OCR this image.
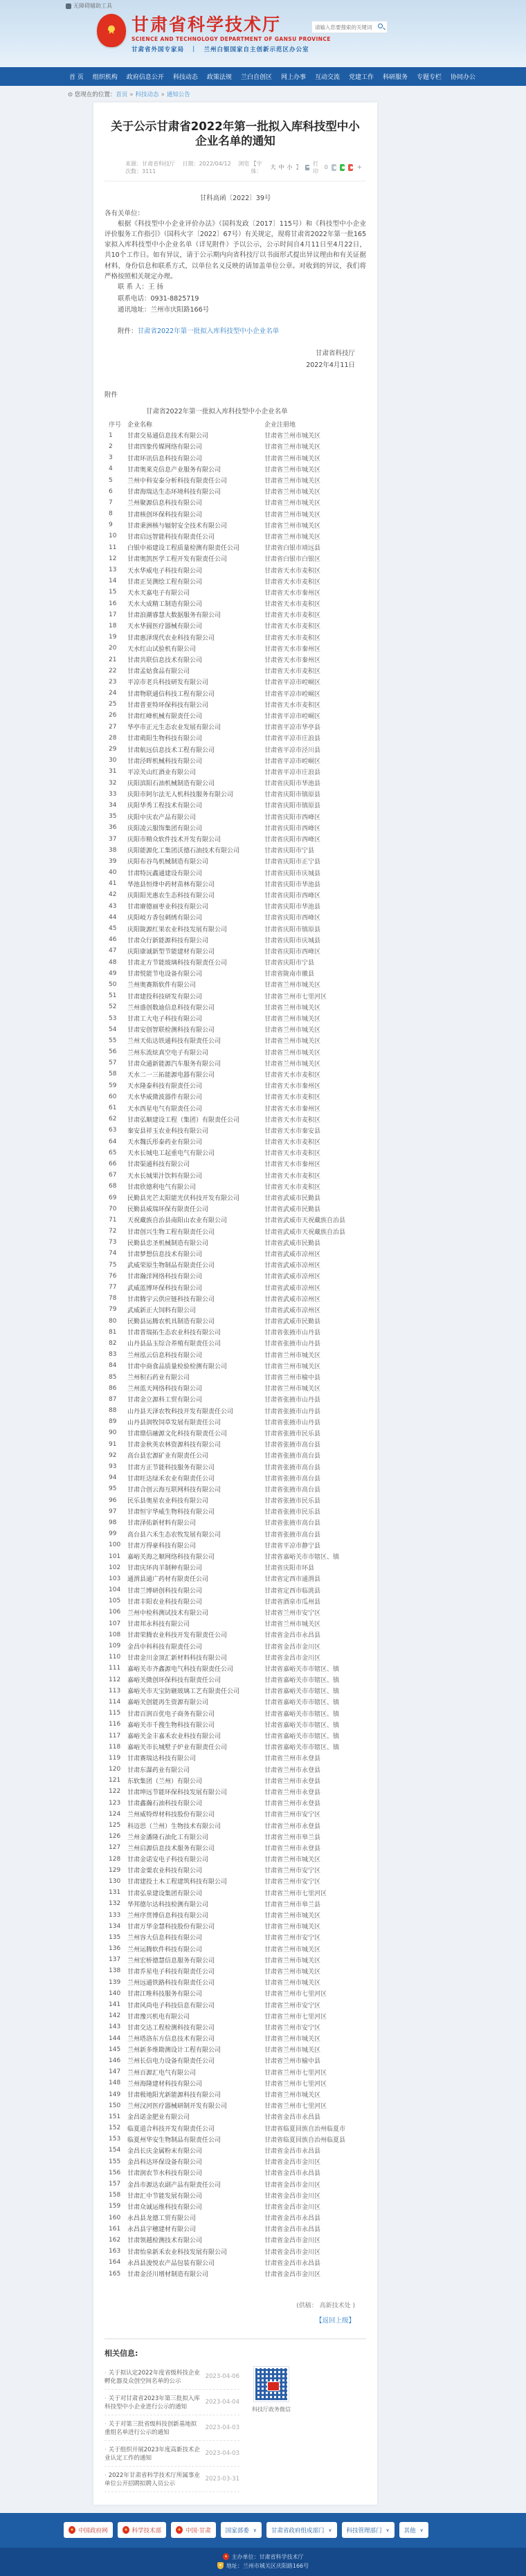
无障碍辅助工具
★ 甘肃省科学技术厅
SCIENCE AND TECHNOLOGY DEPARTMENT OF GANSU PROVINCE
甘肃省外国专家局　｜　兰州白银国家自主创新示范区办公室
请输入您要搜索的关键词
首 页 组织机构 政府信息公开 科技动态 政策法规 兰白自创区 网上办事 互动交流 党建工作 科研服务 专题专栏 协同办公
⊙ 您现在的位置： 首页 »	科技动态 »	通知公告
关于公示甘肃省2022年第一批拟入库科技型中小企业名单的通知
来源：甘肃省科技厅 日期：2022/04/12 浏览次数：3111
【字体：
大 中 小 】
打印
0	+
甘科高函〔2022〕39号
各有关单位：

根据《科技型中小企业评价办法》（国科发政〔2017〕115号）和《科技型中小企业评价服务工作指引》（国科火字〔2022〕67号）有关规定，现将甘肃省2022年第一批165家拟入库科技型中小企业名单（详见附件）予以公示，公示时间自4月11日至4月22日，共10个工作日。如有异议，请于公示期内向省科技厅以书面形式提出异议理由和有关证据材料、身份信息和联系方式，以单位名义反映的请加盖单位公章。对收到的异议，我们将严格按照相关规定办理。

联 系 人：王 扬
联系电话：0931-8825719
通讯地址：兰州市庆阳路166号
附件：甘肃省2022年第一批拟入库科技型中小企业名单
甘肃省科技厅
2022年4月11日
附件
甘肃省2022年第一批拟入库科技型中小企业名单
序号	企业名称	企业注册地
1	甘肃交易通信息技术有限公司	甘肃省兰州市城关区
2	甘肃四象传媒网络有限公司	甘肃省兰州市城关区
3	甘肃环讯信息科技有限公司	甘肃省兰州市城关区
4	甘肃奥莱克信息产业服务有限公司	甘肃省兰州市城关区
5	兰州中科安泰分析科技有限责任公司	甘肃省兰州市城关区
6	甘肃海瑞达生态环境科技有限公司	甘肃省兰州市城关区
7	兰州聚源信息科技有限公司	甘肃省兰州市城关区
8	甘肃核创环保科技有限公司	甘肃省兰州市城关区
9	甘肃秉洲核与辐射安全技术有限公司	甘肃省兰州市城关区
10	甘肃启远智能科技有限责任公司	甘肃省兰州市城关区
11	白银中裕建设工程质量检测有限责任公司	甘肃省白银市靖远县
12	甘肃奥凯医学工程开发有限责任公司	甘肃省白银市白银区
13	天水华威电子科技有限公司	甘肃省天水市麦积区
14	甘肃正昊测绘工程有限公司	甘肃省天水市麦积区
15	天水天嘉电子有限公司	甘肃省天水市秦州区
16	天水大成精工制造有限公司	甘肃省天水市麦积区
17	甘肃浪潮睿慧大数据服务有限公司	甘肃省天水市麦积区
18	天水华圆医疗器械有限公司	甘肃省天水市麦积区
19	甘肃惠泽现代农业科技有限公司	甘肃省天水市麦积区
20	天水红山试验机有限公司	甘肃省天水市秦州区
21	甘肃共联信息技术有限公司	甘肃省天水市秦州区
22	甘肃孟姑食品有限公司	甘肃省天水市麦积区
23	平凉市老兵科技研发有限公司	甘肃省平凉市崆峒区
24	甘肃物联通信科技工程有限公司	甘肃省平凉市崆峒区
25	甘肃普亚特环保科技有限公司	甘肃省天水市麦积区
26	甘肃红峰机械有限责任公司	甘肃省平凉市崆峒区
27	华亭市正元生态农业发展有限公司	甘肃省平凉市华亭县
28	甘肃萌阳生物科技有限公司	甘肃省平凉市庄浪县
29	甘肃航远信息技术工程有限公司	甘肃省平凉市泾川县
30	甘肃泾晖机械科技有限公司	甘肃省平凉市崆峒区
31	平凉关山红酒业有限公司	甘肃省平凉市庄浪县
32	庆阳滨阳石油机械制造有限公司	甘肃省庆阳市华池县
33	庆阳市阿尔法无人机科技服务有限公司	甘肃省庆阳市镇原县
34	庆阳华秀工程技术有限公司	甘肃省庆阳市镇原县
35	庆阳中庆农产品有限公司	甘肃省庆阳市西峰区
36	庆阳凌云服饰集团有限公司	甘肃省庆阳市西峰区
37	庆阳市精众软件技术开发有限公司	甘肃省庆阳市西峰区
38	庆阳能源化工集团沃德石油技术有限公司	甘肃省庆阳市宁县
39	庆阳布谷鸟机械制造有限公司	甘肃省庆阳市正宁县
40	甘肃特沅鑫通建设有限公司	甘肃省庆阳市庆城县
41	华池县恒烽中药材苗林有限公司	甘肃省庆阳市华池县
42	庆阳阳光惠农生态科技有限公司	甘肃省庆阳市西峰区
43	甘肃赓德丽枣业科技有限公司	甘肃省庆阳市华池县
44	庆阳岐方香包刺绣有限公司	甘肃省庆阳市西峰区
45	庆阳陇源红果农业科技发展有限公司	甘肃省庆阳市镇原县
46	甘肃众行新能源科技有限公司	甘肃省庆阳市庆城县
47	庆阳康诚新型节能建材有限公司	甘肃省庆阳市西峰区
48	甘肃北方节能玻璃科技有限责任公司	甘肃省庆阳市宁县
49	甘肃悦能节电设备有限公司	甘肃省陇南市徽县
50	兰州奥赛斯软件有限公司	甘肃省兰州市城关区
51	甘肃建投科技研发有限公司	甘肃省兰州市七里河区
52	兰州盛创数迪信息科技有限公司	甘肃省兰州市城关区
53	甘肃工大电子科技有限公司	甘肃省兰州市城关区
54	甘肃安创智联检测科技有限公司	甘肃省兰州市城关区
55	兰州天佑达铁通科技有限责任公司	甘肃省兰州市城关区
56	兰州东流炫真空电子有限公司	甘肃省兰州市城关区
57	甘肃众通新能源汽车服务有限公司	甘肃省兰州市城关区
58	天水二一三拓能源电器有限公司	甘肃省天水市麦积区
59	天水隆泰科技有限责任公司	甘肃省天水市秦州区
60	天水华威微波器件有限公司	甘肃省天水市麦积区
61	天水西星电气有限责任公司	甘肃省天水市秦州区
62	甘肃弘顺建设工程（集团）有限责任公司	甘肃省天水市麦积区
63	秦安县祥玉农业科技有限公司	甘肃省天水市秦安县
64	天水魏氏彤泰药业有限公司	甘肃省天水市麦积区
65	天水长城电工起重电气有限公司	甘肃省天水市麦积区
66	甘肃渠通科技有限公司	甘肃省天水市秦州区
67	天水长城果汁饮料有限公司	甘肃省天水市麦积区
68	甘肃欣德利电气有限公司	甘肃省天水市麦积区
69	民勤县光芒太阳能光伏科技开发有限公司	甘肃省武威市民勤县
70	民勤县威瑞环保有限责任公司	甘肃省武威市民勤县
71	天祝藏族自治县南阳山农业有限公司	甘肃省武威市天祝藏族自治县
72	甘肃创兴生物工程有限责任公司	甘肃省武威市天祝藏族自治县
73	民勤县忠圣机械制造有限公司	甘肃省武威市民勤县
74	甘肃梦想信息技术有限公司	甘肃省武威市凉州区
75	武威荣原生物制品有限责任公司	甘肃省武威市凉州区
76	甘肃瀚洋网络科技有限公司	甘肃省武威市凉州区
77	武威蓝博环保科技有限公司	甘肃省武威市凉州区
78	甘肃腾宇云供应链科技有限公司	甘肃省武威市凉州区
79	武威新正大饲料有限公司	甘肃省武威市凉州区
80	民勤县运腾农机具制造有限公司	甘肃省武威市民勤县
81	甘肃普瑞拓生态农业科技有限公司	甘肃省张掖市山丹县
82	山丹县品玉综合养殖有限责任公司	甘肃省张掖市山丹县
83	兰州泓云信息科技有限公司	甘肃省兰州市城关区
84	甘肃中商食品质量检验检测有限公司	甘肃省兰州市城关区
85	兰州积石药业有限公司	甘肃省兰州市榆中县
86	兰州蓝天网络科技有限公司	甘肃省兰州市城关区
87	甘肃金立源科工贸有限公司	甘肃省张掖市山丹县
88	山丹县天泽农牧科技开发有限责任公司	甘肃省张掖市山丹县
89	山丹县润牧饲草发展有限责任公司	甘肃省张掖市山丹县
90	甘肃鼎信融源文化科技有限责任公司	甘肃省张掖市民乐县
91	甘肃金秋英农林资源科技有限公司	甘肃省张掖市高台县
92	高台县宏源矿业有限责任公司	甘肃省张掖市高台县
93	甘肃方正节能科技服务有限公司	甘肃省张掖市高台县
94	甘肃旺达绿禾农业有限责任公司	甘肃省张掖市高台县
95	甘肃合创云海互联网科技有限公司	甘肃省张掖市高台县
96	民乐县奥星农业科技有限公司	甘肃省张掖市民乐县
97	甘肃恒宇华威生物科技有限公司	甘肃省张掖市民乐县
98	甘肃泽佑新材料有限公司	甘肃省张掖市高台县
99	高台县六禾生态农牧发展有限公司	甘肃省张掖市高台县
100	甘肃万得豪科技有限公司	甘肃省平凉市静宁县
101	嘉峪关海之顺网络科技有限公司	甘肃省嘉峪关市市辖区、镇
102	甘肃庆环肉羊制种有限公司	甘肃省庆阳市环县
103	通渭县通广药材有限责任公司	甘肃省定西市通渭县
104	甘肃兰博研创科技有限公司	甘肃省定西市临洮县
105	甘肃丰阳农业科技有限公司	甘肃省酒泉市瓜州县
106	兰州中检科测试技术有限公司	甘肃省兰州市安宁区
107	甘肃邦永科技有限公司	甘肃省兰州市城关区
108	甘肃荣腾农业科技开发有限责任公司	甘肃省金昌市永昌县
109	金昌中科科技有限责任公司	甘肃省金昌市金川区
110	甘肃金川金顶汇新材料科技有限公司	甘肃省金昌市金川区
111	嘉峪关市齐鑫源电气科技有限责任公司	甘肃省嘉峪关市市辖区、镇
112	嘉峪关微创环保科技有限责任公司	甘肃省嘉峪关市市辖区、镇
113	嘉峪关市天宝防砸玻璃工艺有限责任公司	甘肃省嘉峪关市市辖区、镇
114	嘉峪关创能再生资源有限公司	甘肃省嘉峪关市市辖区、镇
115	甘肃百润百优电子商务有限公司	甘肃省嘉峪关市市辖区、镇
116	嘉峪关市千搜生物科技有限公司	甘肃省嘉峪关市市辖区、镇
117	嘉峪关金丰嘉禾农业科技有限公司	甘肃省嘉峪关市市辖区、镇
118	嘉峪关市长城墅子炉业有限责任公司	甘肃省嘉峪关市市辖区、镇
119	甘肃赛瑞达科技有限公司	甘肃省兰州市永登县
120	甘肃东瀑药业有限公司	甘肃省兰州市永登县
121	东软集团（兰州）有限公司	甘肃省兰州市永登县
122	甘肃坤远节能环保科技发展有限公司	甘肃省兰州市永登县
123	甘肃鑫瀚石油科技有限公司	甘肃省兰州市永登县
124	兰州威特焊材科技股份有限公司	甘肃省兰州市安宁区
125	科迈思（兰州）生物技术有限公司	甘肃省兰州市永登县
126	兰州金潘隆石油化工有限公司	甘肃省兰州市皋兰县
127	兰州启源信息技术服务有限公司	甘肃省兰州市永登县
128	甘肃金诺安电子科技有限公司	甘肃省兰州市城关区
129	甘肃金粟农业科技有限公司	甘肃省兰州市安宁区
130	甘肃建投土木工程建筑科技有限公司	甘肃省兰州市安宁区
131	甘肃弘泉建设集团有限公司	甘肃省兰州市七里河区
132	华邦德尔达科技检测有限公司	甘肃省兰州市皋兰县
133	兰州序贯博信息科技有限公司	甘肃省兰州市城关区
134	甘肃万华金慧科技股份有限公司	甘肃省兰州市城关区
135	兰州容大信息科技有限公司	甘肃省兰州市安宁区
136	兰州运腾软件科技有限公司	甘肃省兰州市城关区
137	兰州宏桥德慧信息服务有限公司	甘肃省兰州市城关区
138	甘肃乔星电子科技有限责任公司	甘肃省兰州市城关区
139	兰州远通铁路科技有限责任公司	甘肃省兰州市城关区
140	甘肃江唯科技服务有限公司	甘肃省兰州市七里河区
141	甘肃风尚电子科技信息有限公司	甘肃省兰州市安宁区
142	甘肃豫兴机电有限公司	甘肃省兰州市七里河区
143	甘肃交达工程检测科技有限公司	甘肃省兰州市安宁区
144	兰州塔洛东方信息技术有限公司	甘肃省兰州市城关区
145	兰州新多维勘测设计工程有限公司	甘肃省兰州市城关区
146	兰州长信电力设备有限责任公司	甘肃省兰州市榆中县
147	兰州百源汇电气有限公司	甘肃省兰州市七里河区
148	兰州海隆建材科技有限公司	甘肃省兰州市七里河区
149	甘肃极地阳光新能源科技有限公司	甘肃省兰州市城关区
150	兰州汉河医疗器械研制开发有限公司	甘肃省兰州市七里河区
151	金昌诺金肥业有限公司	甘肃省金昌市永昌县
152	临夏道合科技开发有限责任公司	甘肃省临夏回族自治州临夏市
153	临夏州华安生物制品有限责任公司	甘肃省临夏回族自治州临夏县
154	金昌长庆金属粉末有限公司	甘肃省金昌市永昌县
155	金昌科达环保设备有限公司	甘肃省金昌市金川区
156	甘肃润农节水科技有限公司	甘肃省金昌市永昌县
157	金昌市源达农副产品有限责任公司	甘肃省金昌市金川区
158	甘肃汇中节能发展有限公司	甘肃省金昌市金川区
159	甘肃众诚运维科技有限公司	甘肃省金昌市金川区
160	永昌县龙德工贸有限公司	甘肃省金昌市永昌县
161	永昌县宇穗建材有限公司	甘肃省金昌市永昌县
162	甘肃领越检测技术有限公司	甘肃省金昌市金川区
163	甘肃怡泉新禾农业科技发展有限公司	甘肃省金昌市金川区
164	永昌县浚悦农产品包装有限公司	甘肃省金昌市永昌县
165	甘肃金泾川增材制造有限公司	甘肃省金昌市金川区
(供稿： 高新技术处 )
【返回上级】
相关信息:
· 关于拟认定2022年度省级科技企业孵化器及众创空间名单的公示
2023-04-06
· 关于对甘肃省2023年第三批拟入库科技型中小企业进行公示的通知
2023-04-04
· 关于对第三批省级科技创新基地拟重组名单进行公示的通知
2023-04-03
· 关于组织开展2023年度高新技术企业认定工作的通知
2023-04-03
· 2022年甘肃省科学技术厅所属事业单位公开招聘拟聘人员公示
2023-03-31
科技厅政务微信
中国政府网	科学技术部	中国·甘肃 国家部委 ∨ 甘肃省政府组成部门 ∨ 科技管理部门 ∨ 其他 ∨
主办单位：甘肃省科学技术厅
地址：兰州市城关区庆阳路166号
